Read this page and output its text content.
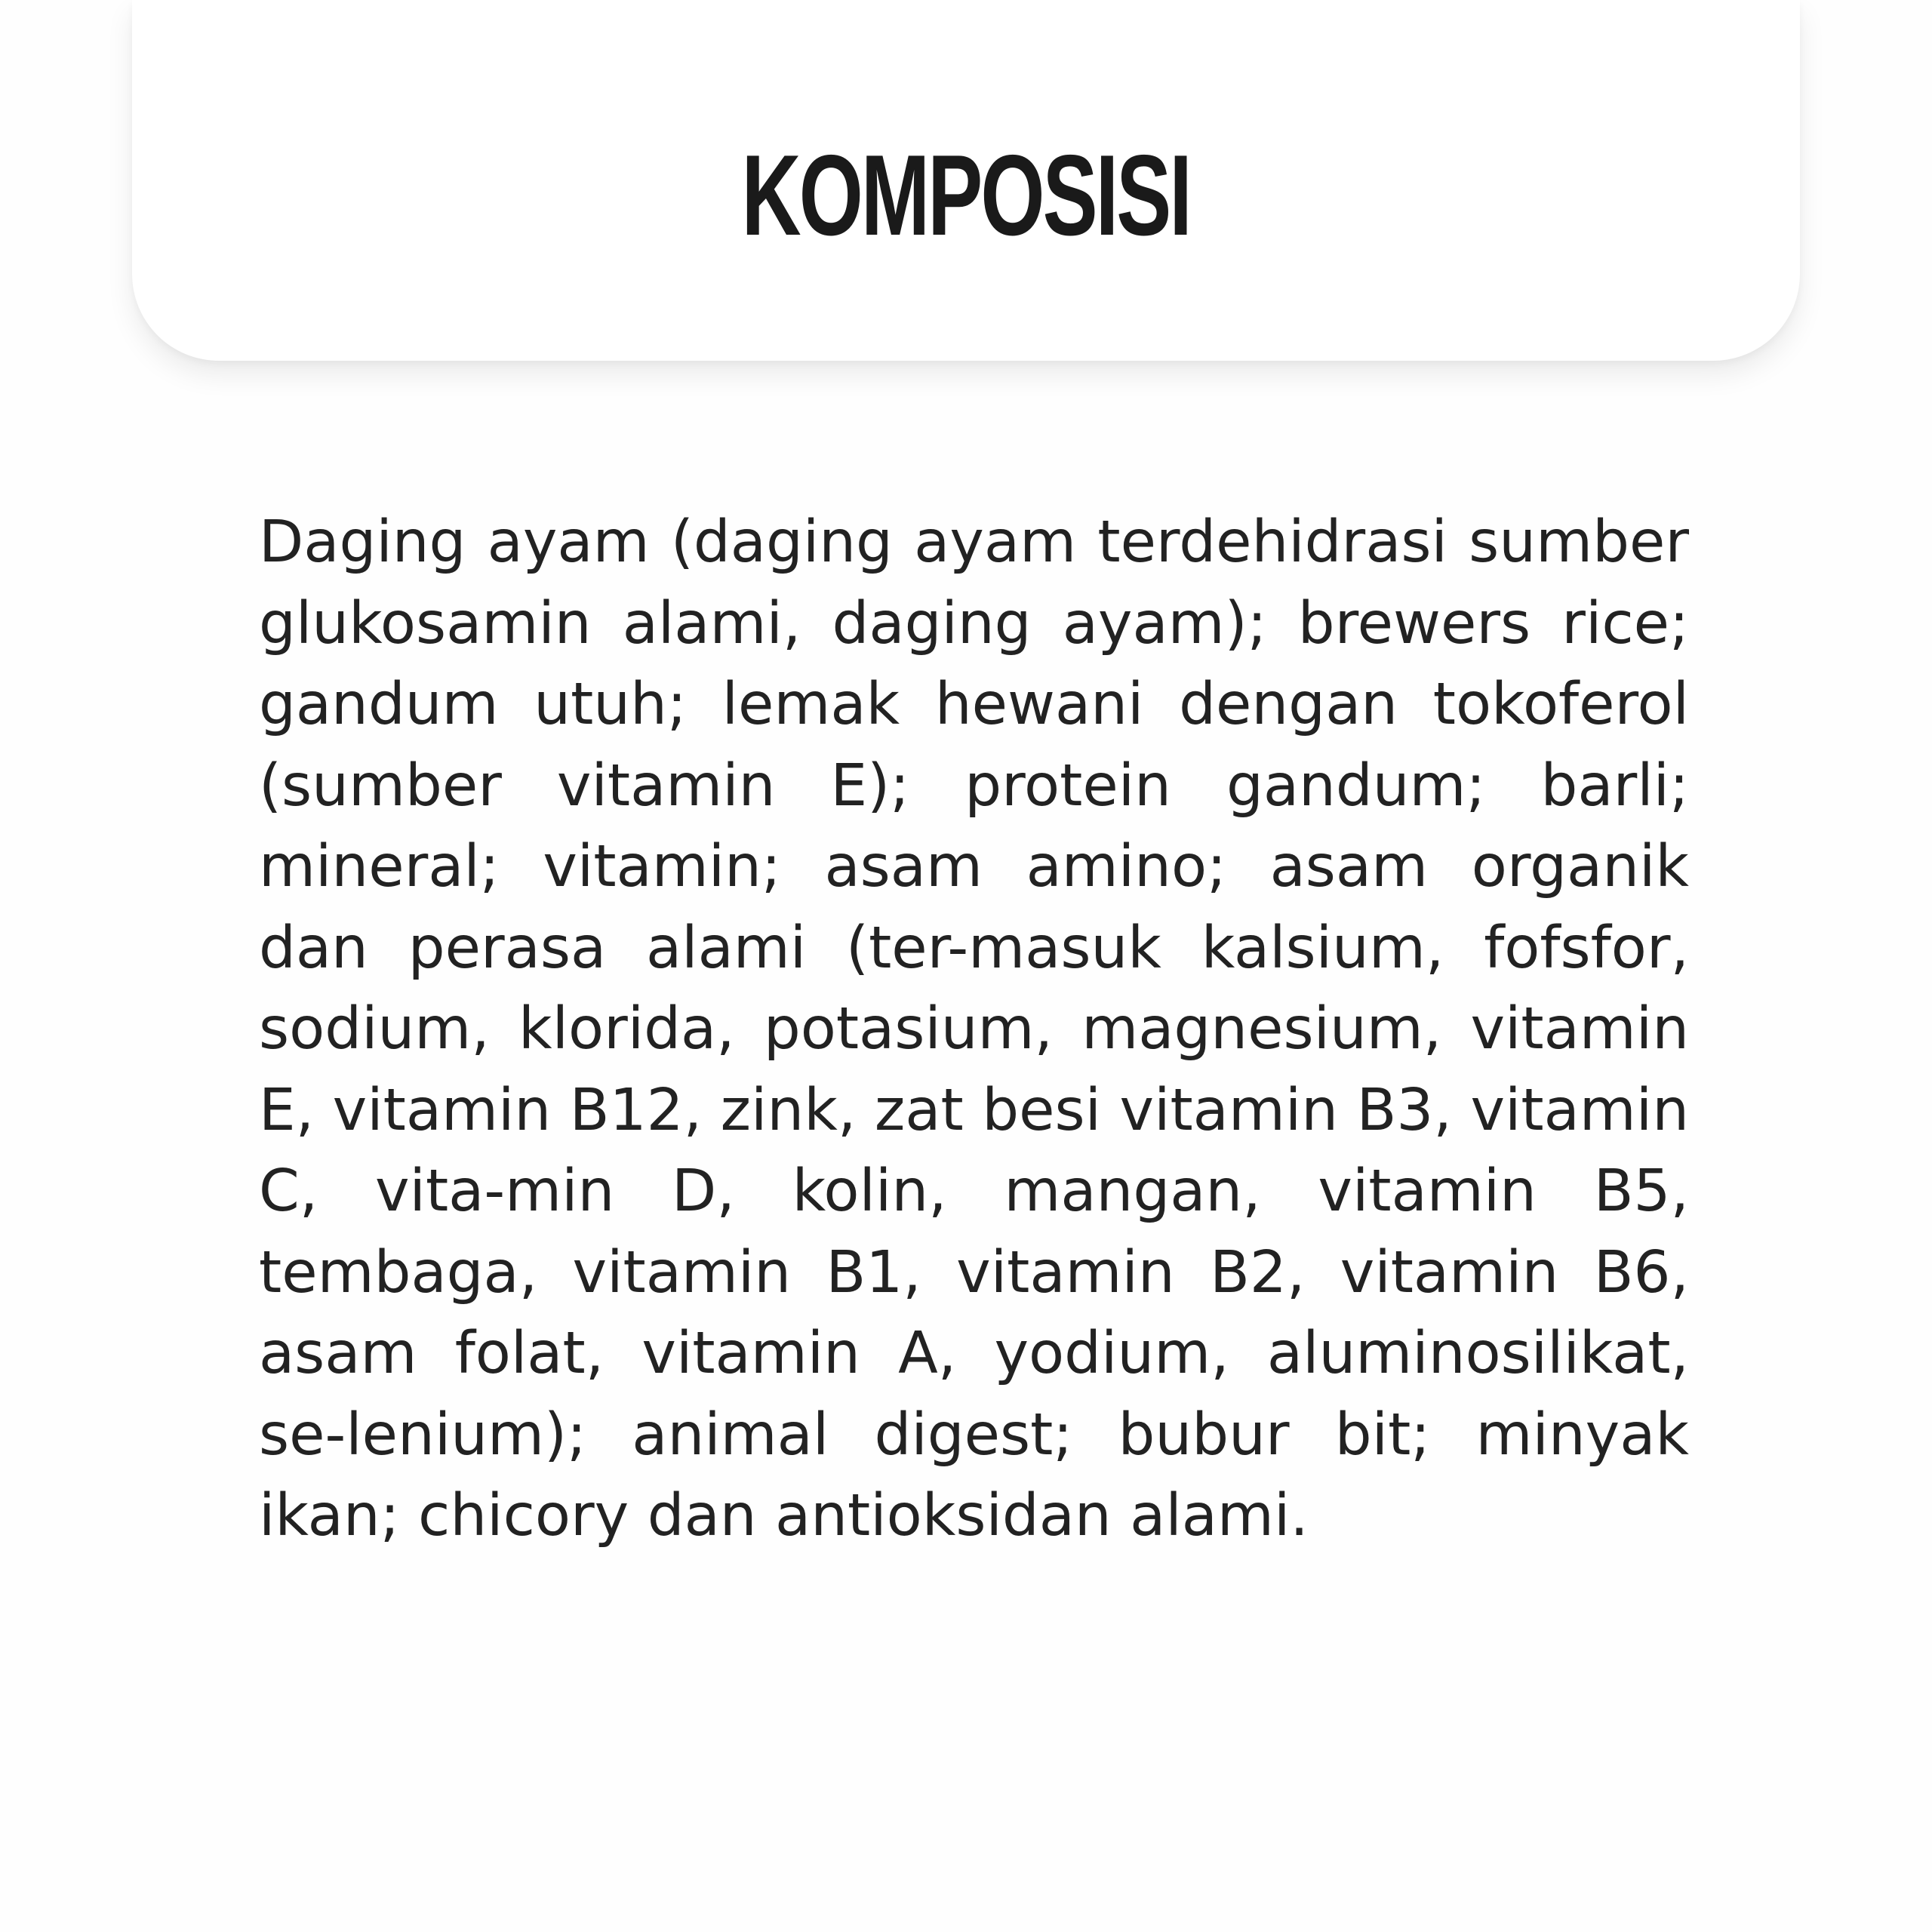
KOMPOSISI

Daging ayam (daging ayam terdehidrasi sumber glukosamin alami, daging ayam); brewers rice; gandum utuh; lemak hewani dengan tokoferol (sumber vitamin E); protein gandum; barli; mineral; vitamin; asam amino; asam organik dan perasa alami (ter-masuk kalsium, fofsfor, sodium, klorida, potasium, magnesium, vitamin E, vitamin B12, zink, zat besi vitamin B3, vitamin C, vita-min D, kolin, mangan, vitamin B5, tembaga, vitamin B1, vitamin B2, vitamin B6, asam folat, vitamin A, yodium, aluminosilikat, se-lenium); animal digest; bubur bit; minyak ikan; chicory dan antioksidan alami.
